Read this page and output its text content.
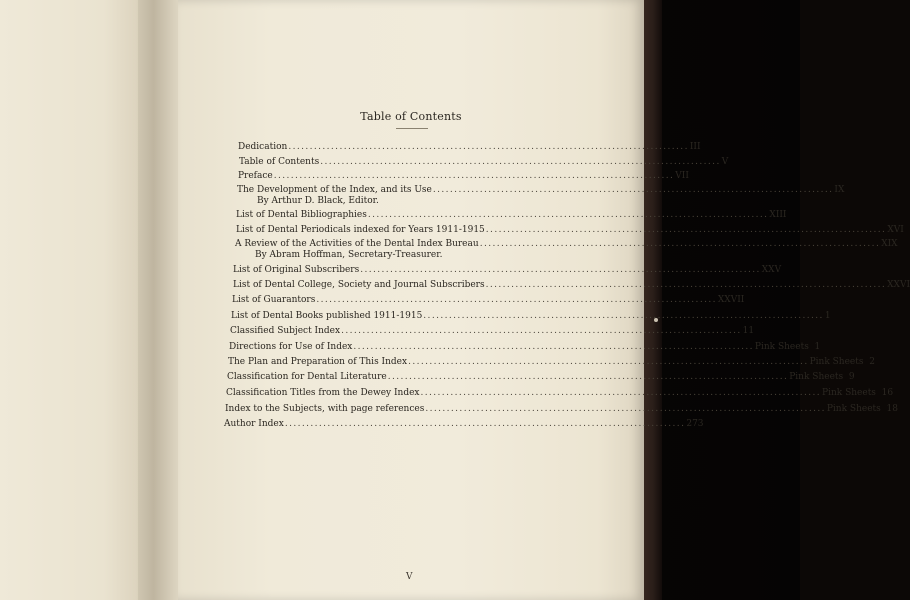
Table of Contents
Dedication .............................................................................................. III
Table of Contents .............................................................................................. V
Preface .............................................................................................. VII
The Development of the Index, and its Use .............................................................................................. IX
By Arthur D. Black, Editor.
List of Dental Bibliographies .............................................................................................. XIII
List of Dental Periodicals indexed for Years 1911-1915 .............................................................................................. XVI
A Review of the Activities of the Dental Index Bureau .............................................................................................. XIX
By Abram Hoffman, Secretary-Treasurer.
List of Original Subscribers .............................................................................................. XXV
List of Dental College, Society and Journal Subscribers .............................................................................................. XXVI
List of Guarantors .............................................................................................. XXVII
List of Dental Books published 1911-1915 .............................................................................................. 1
Classified Subject Index .............................................................................................. 11
Directions for Use of Index .............................................................................................. Pink Sheets  1
The Plan and Preparation of This Index .............................................................................................. Pink Sheets  2
Classification for Dental Literature .............................................................................................. Pink Sheets  9
Classification Titles from the Dewey Index .............................................................................................. Pink Sheets  16
Index to the Subjects, with page references .............................................................................................. Pink Sheets  18
Author Index .............................................................................................. 273
V
